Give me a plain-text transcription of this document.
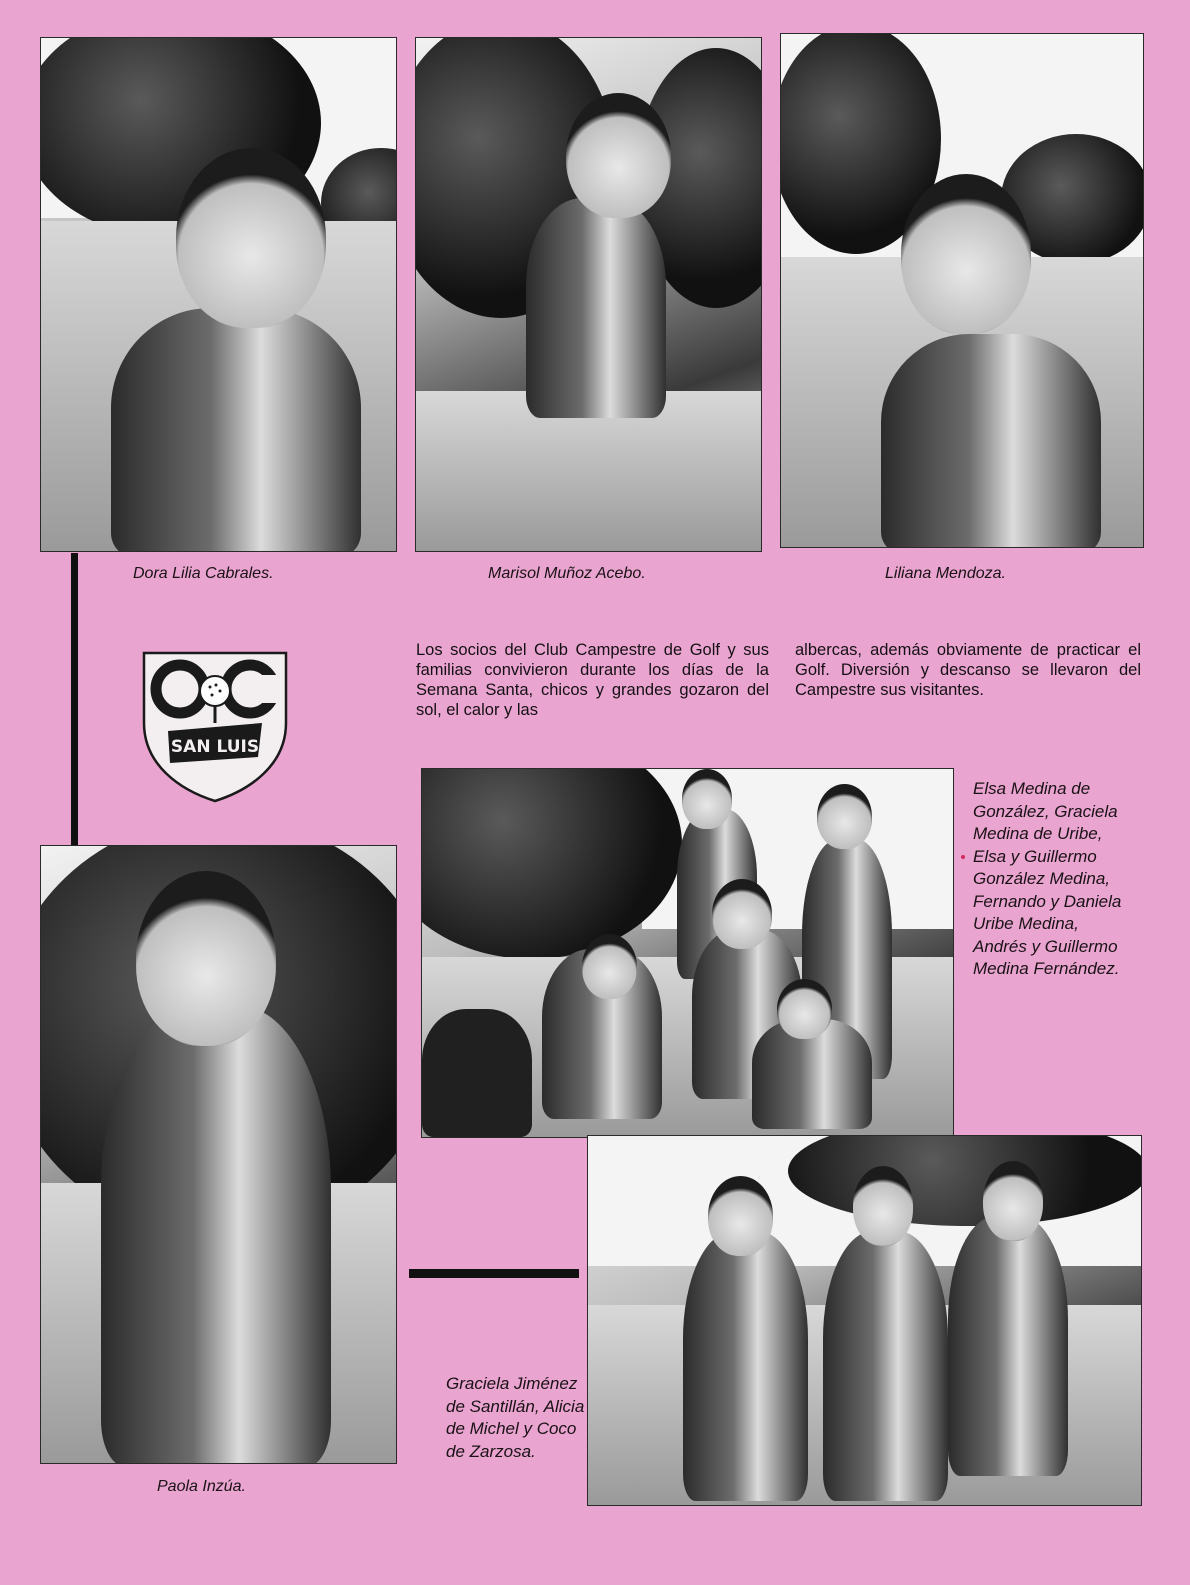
Dora Lilia Cabrales.	Marisol Muñoz Acebo.	Liliana Mendoza.
SAN LUIS
Los socios del Club Campestre de Golf y sus familias convivieron durante los días de la Semana Santa, chicos y grandes gozaron del sol, el calor y las
albercas, además obviamente de practicar el Golf. Diversión y descanso se llevaron del Campestre sus visitantes.
Elsa Medina de González, Graciela Medina de Uribe, Elsa y Guillermo González Medina, Fernando y Daniela Uribe Medina, Andrés y Guillermo Medina Fernández.
Paola Inzúa.
Graciela Jiménez de Santillán, Alicia de Michel y Coco de Zarzosa.
